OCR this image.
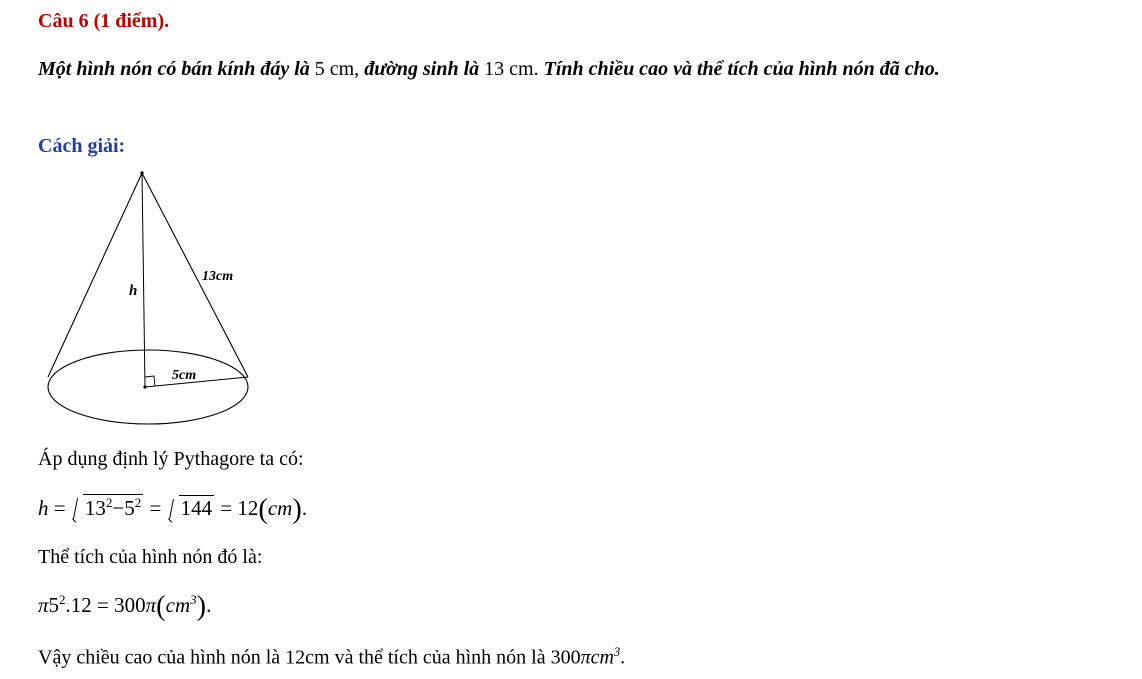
Câu 6 (1 điểm).
Một hình nón có bán kính đáy là 5 cm, đường sinh là 13 cm. Tính chiều cao và thể tích của hình nón đã cho.
Cách giải:
13cm
h
5cm
Áp dụng định lý Pythagore ta có:
$h = 13^2-5^2 = 144 = 12(cm)$.
Thể tích của hình nón đó là:
$\pi 5^2.12 = 300\pi(cm^3)$.
Vậy chiều cao của hình nón là 12cm và thể tích của hình nón là 300πcm$^3$.
